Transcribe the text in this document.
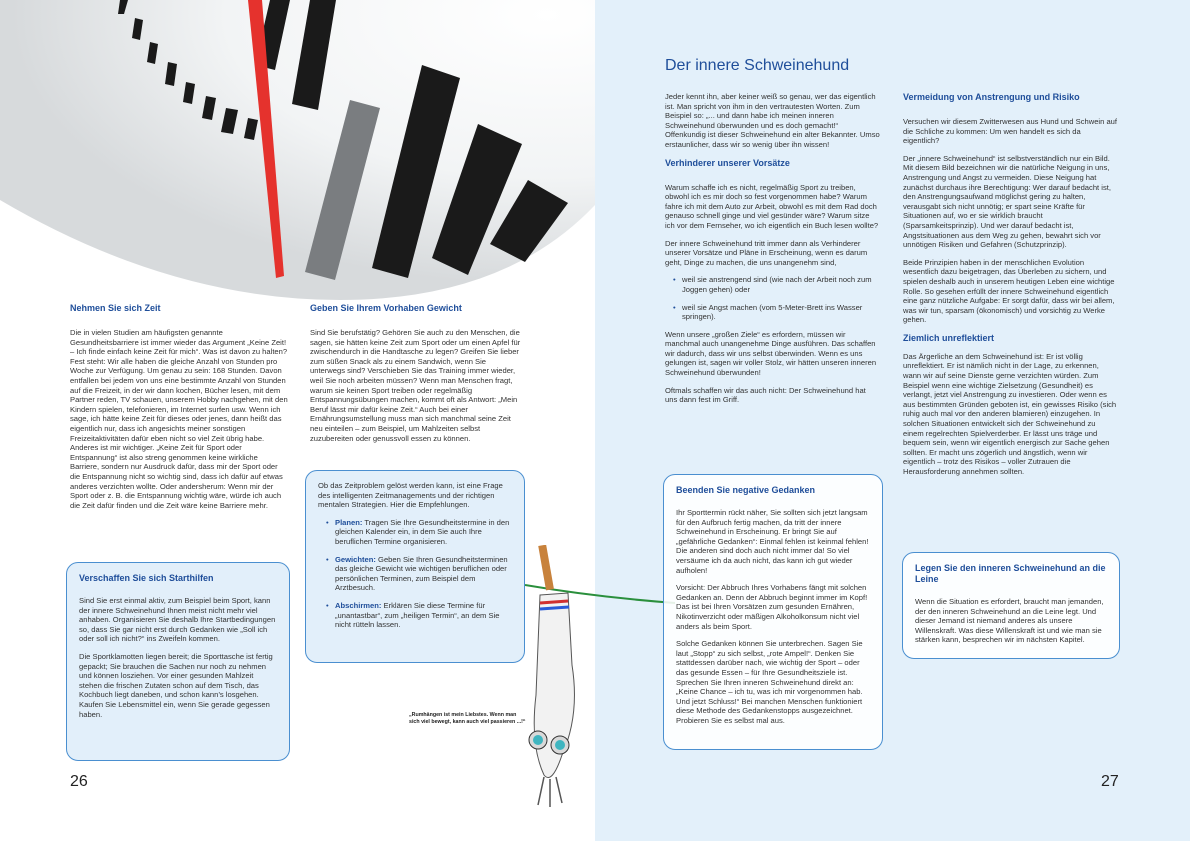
Der innere Schweinehund
Nehmen Sie sich Zeit

Die in vielen Studien am häufigsten genannte Gesundheitsbarriere ist immer wieder das Argument „Keine Zeit! – Ich finde einfach keine Zeit für mich“. Was ist davon zu halten? Fest steht: Wir alle haben die gleiche Anzahl von Stunden pro Woche zur Verfügung. Um genau zu sein: 168 Stunden. Davon entfallen bei jedem von uns eine bestimmte Anzahl von Stunden auf die Freizeit, in der wir dann kochen, Bücher lesen, mit dem Partner reden, TV schauen, unserem Hobby nachgehen, mit den Kindern spielen, telefonieren, im Internet surfen usw. Wenn ich sage, ich hätte keine Zeit für dieses oder jenes, dann heißt das eigentlich nur, dass ich angesichts meiner sonstigen Freizeitaktivitäten dafür eben nicht so viel Zeit übrig habe. Anderes ist mir wichtiger. „Keine Zeit für Sport oder Entspannung“ ist also streng genommen keine wirkliche Barriere, sondern nur Ausdruck dafür, dass mir der Sport oder die Entspannung nicht so wichtig sind, dass ich dafür auf etwas anderes verzichten wollte. Oder andersherum: Wenn mir der Sport oder z. B. die Entspannung wichtig wäre, würde ich auch die Zeit dafür finden und die Zeit wäre keine Barriere mehr.

Verschaffen Sie sich Starthilfen

Sind Sie erst einmal aktiv, zum Beispiel beim Sport, kann der innere Schweinehund Ihnen meist nicht mehr viel anhaben. Organisieren Sie deshalb Ihre Startbedingungen so, dass Sie gar nicht erst durch Gedanken wie „Soll ich oder soll ich nicht?“ ins Zweifeln kommen.

Die Sportklamotten liegen bereit; die Sporttasche ist fertig gepackt; Sie brauchen die Sachen nur noch zu nehmen und können losziehen. Vor einer gesunden Mahlzeit stehen die frischen Zutaten schon auf dem Tisch, das Kochbuch liegt daneben, und schon kann’s losgehen. Kaufen Sie Lebensmittel ein, wenn Sie gerade gegessen haben.

Geben Sie Ihrem Vorhaben Gewicht

Sind Sie berufstätig? Gehören Sie auch zu den Menschen, die sagen, sie hätten keine Zeit zum Sport oder um einen Apfel für zwischendurch in die Handtasche zu legen? Greifen Sie lieber zum süßen Snack als zu einem Sandwich, wenn Sie unterwegs sind? Verschieben Sie das Training immer wieder, weil Sie noch arbeiten müssen? Wenn man Menschen fragt, warum sie keinen Sport treiben oder regelmäßig Entspannungsübungen machen, kommt oft als Antwort: „Mein Beruf lässt mir dafür keine Zeit.“ Auch bei einer Ernährungsumstellung muss man sich manchmal seine Zeit neu einteilen – zum Beispiel, um Mahlzeiten selbst zuzubereiten oder genussvoll essen zu können.

Ob das Zeitproblem gelöst werden kann, ist eine Frage des intelligenten Zeitmanagements und der richtigen mentalen Strategien. Hier die Empfehlungen.

• Planen: Tragen Sie Ihre Gesundheitstermine in den gleichen Kalender ein, in dem Sie auch Ihre beruflichen Termine organisieren.
• Gewichten: Geben Sie Ihren Gesundheitsterminen das gleiche Gewicht wie wichtigen beruflichen oder persönlichen Terminen, zum Beispiel dem Arztbesuch.
• Abschirmen: Erklären Sie diese Termine für „unantastbar“, zum „heiligen Termin“, an dem Sie nicht rütteln lassen.
„Rumhängen ist mein Liebstes. Wenn man sich viel bewegt, kann auch viel passieren ...!“

Jeder kennt ihn, aber keiner weiß so genau, wer das eigentlich ist. Man spricht von ihm in den vertrautesten Worten. Zum Beispiel so: „... und dann habe ich meinen inneren Schweinehund überwunden und es doch gemacht!“ Offenkundig ist dieser Schweinehund ein alter Bekannter. Umso erstaunlicher, dass wir so wenig über ihn wissen!

Verhinderer unserer Vorsätze

Warum schaffe ich es nicht, regelmäßig Sport zu treiben, obwohl ich es mir doch so fest vorgenommen habe? Warum fahre ich mit dem Auto zur Arbeit, obwohl es mit dem Rad doch genauso schnell ginge und viel gesünder wäre? Warum sitze ich vor dem Fernseher, wo ich eigentlich ein Buch lesen wollte?

Der innere Schweinehund tritt immer dann als Verhinderer unserer Vorsätze und Pläne in Erscheinung, wenn es darum geht, Dinge zu machen, die uns unangenehm sind,

• weil sie anstrengend sind (wie nach der Arbeit noch zum Joggen gehen) oder
• weil sie Angst machen (vom 5-Meter-Brett ins Wasser springen).

Wenn unsere „großen Ziele“ es erfordern, müssen wir manchmal auch unangenehme Dinge ausführen. Das schaffen wir dadurch, dass wir uns selbst überwinden. Wenn es uns gelungen ist, sagen wir voller Stolz, wir hätten unseren inneren Schweinehund überwunden!

Oftmals schaffen wir das auch nicht: Der Schweinehund hat uns dann fest im Griff.

Beenden Sie negative Gedanken

Ihr Sporttermin rückt näher, Sie sollten sich jetzt langsam für den Aufbruch fertig machen, da tritt der innere Schweinehund in Erscheinung. Er bringt Sie auf „gefährliche Gedanken“: Einmal fehlen ist keinmal fehlen! Die anderen sind doch auch nicht immer da! So viel versäume ich da auch nicht, das kann ich gut wieder aufholen!

Vorsicht: Der Abbruch Ihres Vorhabens fängt mit solchen Gedanken an. Denn der Abbruch beginnt immer im Kopf! Das ist bei Ihren Vorsätzen zum gesunden Ernähren, Nikotinverzicht oder mäßigen Alkoholkonsum nicht viel anders als beim Sport.

Solche Gedanken können Sie unterbrechen. Sagen Sie laut „Stopp“ zu sich selbst, „rote Ampel!“. Denken Sie stattdessen darüber nach, wie wichtig der Sport – oder das gesunde Essen – für Ihre Gesundheitsziele ist. Sprechen Sie Ihren inneren Schweinehund direkt an: „Keine Chance – ich tu, was ich mir vorgenommen hab. Und jetzt Schluss!“ Bei manchen Menschen funktioniert diese Methode des Gedankenstopps ausgezeichnet. Probieren Sie es selbst mal aus.

Vermeidung von Anstrengung und Risiko

Versuchen wir diesem Zwitterwesen aus Hund und Schwein auf die Schliche zu kommen: Um wen handelt es sich da eigentlich?

Der „innere Schweinehund“ ist selbstverständlich nur ein Bild. Mit diesem Bild bezeichnen wir die natürliche Neigung in uns, Anstrengung und Angst zu vermeiden. Diese Neigung hat zunächst durchaus ihre Berechtigung: Wer darauf bedacht ist, den Anstrengungsaufwand möglichst gering zu halten, verausgabt sich nicht unnötig; er spart seine Kräfte für Situationen auf, wo er sie wirklich braucht (Sparsamkeitsprinzip). Und wer darauf bedacht ist, Angstsituationen aus dem Weg zu gehen, bewahrt sich vor unnötigen Risiken und Gefahren (Schutzprinzip).

Beide Prinzipien haben in der menschlichen Evolution wesentlich dazu beigetragen, das Überleben zu sichern, und spielen deshalb auch in unserem heutigen Leben eine wichtige Rolle. So gesehen erfüllt der innere Schweinehund eigentlich eine ganz nützliche Aufgabe: Er sorgt dafür, dass wir bei allem, was wir tun, sparsam (ökonomisch) und vorsichtig zu Werke gehen.

Ziemlich unreflektiert

Das Ärgerliche an dem Schweinehund ist: Er ist völlig unreflektiert. Er ist nämlich nicht in der Lage, zu erkennen, wann wir auf seine Dienste gerne verzichten würden. Zum Beispiel wenn eine wichtige Zielsetzung (Gesundheit) es verlangt, jetzt viel Anstrengung zu investieren. Oder wenn es aus bestimmten Gründen geboten ist, ein gewisses Risiko (sich ruhig auch mal vor den anderen blamieren) einzugehen. In solchen Situationen entwickelt sich der Schweinehund zu einem regelrechten Spielverderber. Er lässt uns träge und bequem sein, wenn wir eigentlich energisch zur Sache gehen sollten. Er macht uns zögerlich und ängstlich, wenn wir eigentlich – trotz des Risikos – voller Zutrauen die Herausforderung annehmen sollten.

Legen Sie den inneren Schweinehund an die Leine

Wenn die Situation es erfordert, braucht man jemanden, der den inneren Schweinehund an die Leine legt. Und dieser Jemand ist niemand anderes als unsere Willenskraft. Was diese Willenskraft ist und wie man sie stärken kann, besprechen wir im nächsten Kapitel.

26	27
